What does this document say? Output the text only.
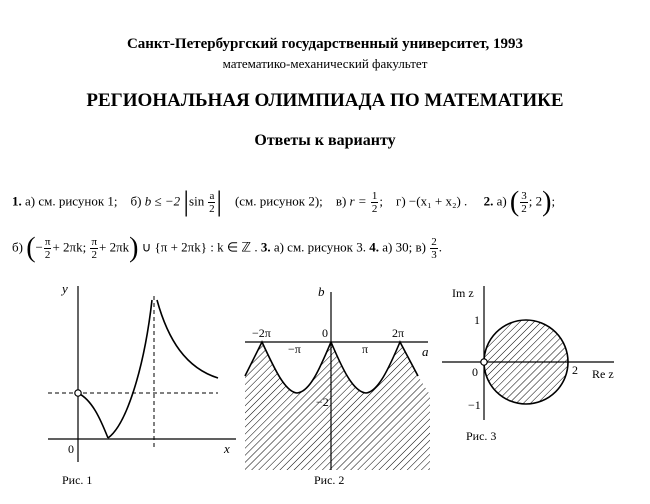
Санкт-Петербургский государственный университет, 1993
математико-механический факультет
РЕГИОНАЛЬНАЯ ОЛИМПИАДА ПО МАТЕМАТИКЕ
Ответы к варианту
1. а) см. рисунок 1; б) b ≤ −2 $|\sin \frac{a}{2}$ | (см. рисунок 2); в) $r = \frac{1}{2}$ ; г) −(x₁ + x₂) . 2. а) ( $\frac{3}{2}$ ; 2);
б) (− $\frac{\pi}{2} + 2\pi k$; $\frac{\pi}{2} + 2\pi k$) ∪ {π + 2πk} : k ∈ ℤ . 3. а) см. рисунок 3. 4. а) 30; $в) \frac{2}{3}$ .
y
x
0
Рис. 1
b
a
−2π	0	2π
−π	π
−2
Рис. 2
Im z
Re z
1
−1
0	2
Рис. 3
